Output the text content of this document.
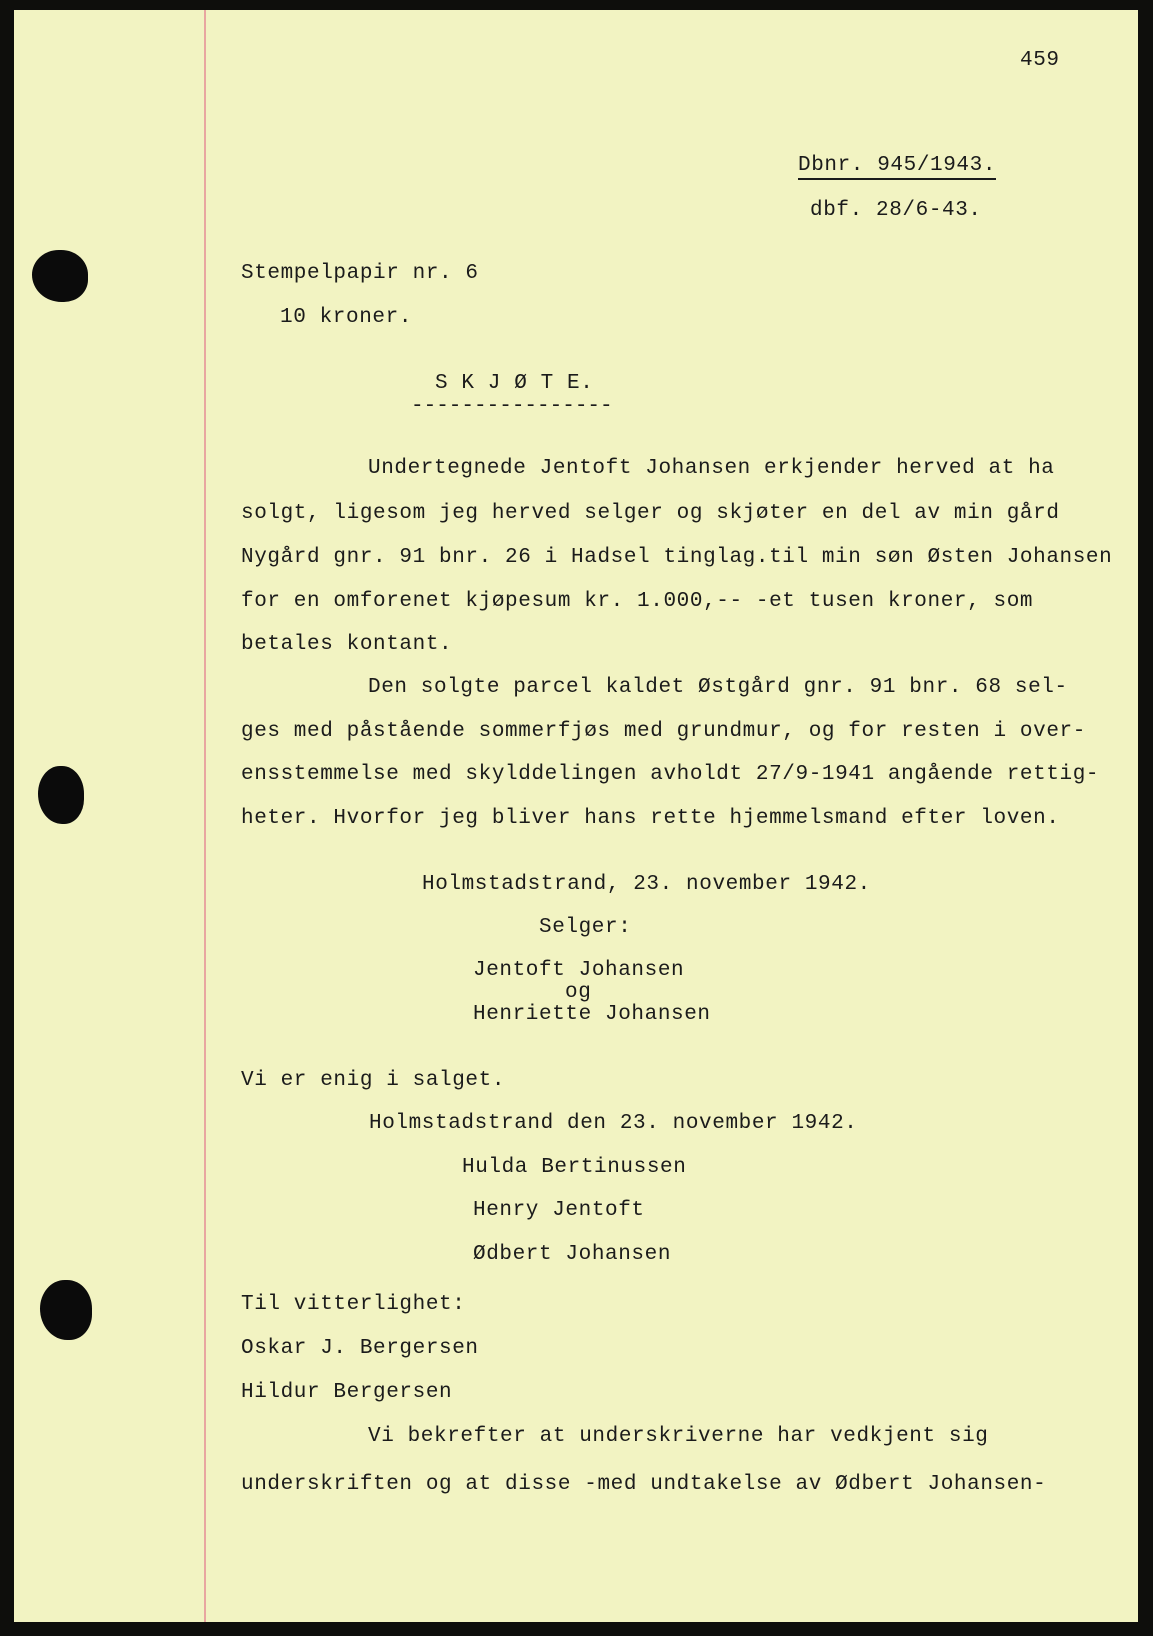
459
Dbnr. 945/1943.
dbf. 28/6-43.
Stempelpapir nr. 6
10 kroner.
S K J Ø T E.
----------------
Undertegnede Jentoft Johansen erkjender herved at ha
solgt, ligesom jeg herved selger og skjøter en del av min gård
Nygård gnr. 91 bnr. 26 i Hadsel tinglag.til min søn Østen Johansen
for en omforenet kjøpesum kr. 1.000,-- -et tusen kroner, som
betales kontant.
Den solgte parcel kaldet Østgård gnr. 91 bnr. 68 sel-
ges med påstående sommerfjøs med grundmur, og for resten i over-
ensstemmelse med skylddelingen avholdt 27/9-1941 angående rettig-
heter. Hvorfor jeg bliver hans rette hjemmelsmand efter loven.
Holmstadstrand, 23. november 1942.
Selger:
Jentoft Johansen
og
Henriette Johansen
Vi er enig i salget.
Holmstadstrand den 23. november 1942.
Hulda Bertinussen
Henry Jentoft
Ødbert Johansen
Til vitterlighet:
Oskar J. Bergersen
Hildur Bergersen
Vi bekrefter at underskriverne har vedkjent sig
underskriften og at disse -med undtakelse av Ødbert Johansen-
